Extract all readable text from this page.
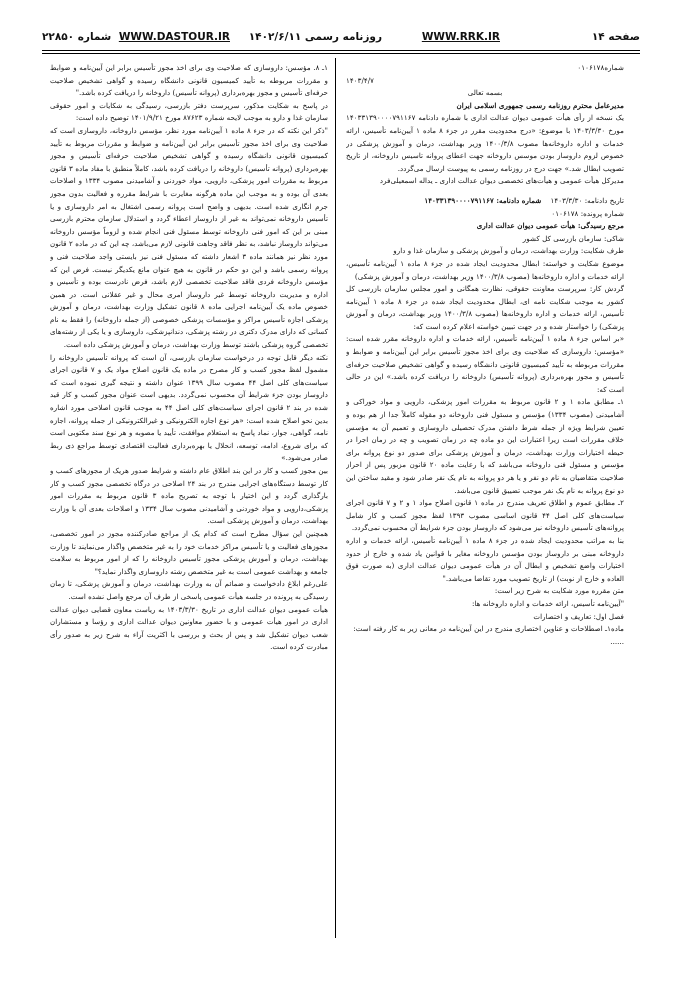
صفحه ۱۴
WWW.RRK.IR
روزنامه رسمی ۱۴۰۲/۶/۱۱
WWW.DASTOUR.IR
شماره ۲۲۸۵۰

شماره۰۱۰۶۱۷۸

۱۴۰۳/۴/۷

بسمه تعالی

مدیرعامل محترم روزنامه رسمی جمهوری اسلامی ایران

یک نسخه از رأی هیأت عمومی دیوان عدالت اداری با شماره دادنامه ۱۴۰۳۳۱۳۹۰۰۰۰۷۹۱۱۶۷ مورخ ۱۴۰۳/۳/۳۰ با موضوع: «درج محدودیت مقرر در جزء ۸ ماده ۱ آیین‌نامه تأسیس، ارائه خدمات و اداره داروخانه‌ها مصوب ۱۴۰۰/۳/۸ وزیر بهداشت، درمان و آموزش پزشکی در خصوص لزوم داروساز بودن موسس داروخانه جهت اعطای پروانه تاسیس داروخانه، از تاریخ تصویب ابطال شد.» جهت درج در روزنامه رسمی به پیوست ارسال می‌گردد.

مدیرکل هیأت عمومی و هیأت‌های تخصصی دیوان عدالت اداری ـ یداله اسمعیلی‌فرد

تاریخ دادنامه: ۱۴۰۳/۳/۳۰    شماره دادنامه: ۱۴۰۳۳۱۳۹۰۰۰۰۷۹۱۱۶۷

شماره پرونده: ۰۱۰۶۱۷۸

مرجع رسیدگی: هیأت عمومی دیوان عدالت اداری

شاکی: سازمان بازرسی کل کشور

طرف شکایت: وزارت بهداشت، درمان و آموزش پزشکی و سازمان غذا و دارو

موضوع شکایت و خواسته: ابطال محدودیت ایجاد شده در جزء ۸ ماده ۱ آیین‌نامه تأسیس، ارائه خدمات و اداره داروخانه‌ها (مصوب ۱۴۰۰/۳/۸ وزیر بهداشت، درمان و آموزش پزشکی)

گردش کار: سرپرست معاونت حقوقی، نظارت همگانی و امور مجلس سازمان بازرسی کل کشور به موجب شکایت نامه ای، ابطال محدودیت ایجاد شده در جزء ۸ ماده ۱ آیین‌نامه تأسیس، ارائه خدمات و اداره داروخانه‌ها (مصوب ۱۴۰۰/۳/۸ وزیر بهداشت، درمان و آموزش پزشکی) را خواستار شده و در جهت تبیین خواسته اعلام کرده است که:

«بر اساس جزء ۸ ماده ۱ آیین‌نامه تأسیس، ارائه خدمات و اداره داروخانه مقرر شده است: «مؤسس: داروسازی که صلاحیت وی برای اخذ مجوز تأسیس برابر این آیین‌نامه و ضوابط و مقررات مربوطه به تأیید کمیسیون قانونی دانشگاه رسیده و گواهی تشخیص صلاحیت حرفه‌ای تأسیس و مجوز بهره‌برداری (پروانه تأسیس) داروخانه را دریافت کرده باشد.» این در حالی است که:

۱ـ مطابق ماده ۱ و ۲ قانون مربوط به مقررات امور پزشکی، دارویی و مواد خوراکی و آشامیدنی (مصوب ۱۳۳۴) مؤسس و مسئول فنی داروخانه دو مقوله کاملاً جدا از هم بوده و تعیین شرایط ویژه از جمله شرط داشتن مدرک تحصیلی داروسازی و تعمیم آن به مؤسس خلاف مقررات است زیرا اعتبارات این دو ماده چه در زمان تصویب و چه در زمان اجرا در حیطه اختیارات وزارت بهداشت، درمان و آموزش پزشکی برای صدور دو نوع پروانه برای مؤسس و مسئول فنی داروخانه می‌باشد که با رعایت ماده ۲۰ قانون مزبور پس از احراز صلاحیت متقاضیان به نام دو نفر و یا هر دو پروانه به نام یک نفر صادر شود و مقید ساختن این دو نوع پروانه به نام یک نفر موجب تضییق قانون می‌باشد.

۲ـ مطابق عموم و اطلاق تعریف مندرج در ماده ۱ قانون اصلاح مواد ۱ و ۲ و ۷ قانون اجرای سیاست‌های کلی اصل ۴۴ قانون اساسی مصوب ۱۳۹۳ لفظ مجوز کسب و کار شامل پروانه‌های تأسیس داروخانه نیز می‌شود که داروساز بودن جزء شرایط آن محسوب نمی‌گردد.

بنا به مراتب محدودیت ایجاد شده در جزء ۸ ماده ۱ آیین‌نامه تأسیس، ارائه خدمات و اداره داروخانه مبنی بر داروساز بودن مؤسس داروخانه مغایر با قوانین یاد شده و خارج از حدود اختیارات واضع تشخیص و ابطال آن در هیأت عمومی دیوان عدالت اداری (به صورت فوق العاده و خارج از نوبت) از تاریخ تصویب مورد تقاضا می‌باشد."

متن مقرره مورد شکایت به شرح زیر است:

"آیین‌نامه تأسیس، ارائه خدمات و اداره داروخانه ها:

فصل اول: تعاریف و اختصارات

ماده۱ـ اصطلاحات و عناوین اختصاری مندرج در این آیین‌نامه در معانی زیر به کار رفته است:

......

۱ـ ۸. مؤسس: داروسازی که صلاحیت وی برای اخذ مجوز تأسیس برابر این آیین‌نامه و ضوابط و مقررات مربوطه به تأیید کمیسیون قانونی دانشگاه رسیده و گواهی تشخیص صلاحیت حرفه‌ای تأسیس و مجوز بهره‌برداری (پروانه تأسیس) داروخانه را دریافت کرده باشد."

در پاسخ به شکایت مذکور، سرپرست دفتر بازرسی، رسیدگی به شکایات و امور حقوقی سازمان غذا و دارو به موجب لایحه شماره ۸۷۶۲۳ مورخ ۱۴۰۱/۹/۲۱ توضیح داده است:

"ذکر این نکته که در جزء ۸ ماده ۱ آیین‌نامه مورد نظر، مؤسس داروخانه، داروسازی است که صلاحیت وی برای اخذ مجوز تأسیس برابر این آیین‌نامه و ضوابط و مقررات مربوط به تأیید کمیسیون قانونی دانشگاه رسیده و گواهی تشخیص صلاحیت حرفه‌ای تأسیس و مجوز بهره‌برداری (پروانه تأسیس) داروخانه را دریافت کرده باشد، کاملاً منطبق با مفاد ماده ۳ قانون مربوط به مقررات امور پزشکی، دارویی، مواد خوردنی و آشامیدنی مصوب ۱۳۳۴ و اصلاحات بعدی آن بوده و به موجب این ماده هرگونه مغایرت با شرایط مقرره و فعالیت بدون مجوز جرم انگاری شده است. بدیهی و واضح است پروانه رسمی اشتغال به امر داروسازی و یا تأسیس داروخانه نمی‌تواند به غیر از داروساز اعطاء گردد و استدلال سازمان محترم بازرسی مبنی بر این که امور فنی داروخانه توسط مسئول فنی انجام شده و لزوماً مؤسس داروخانه می‌تواند داروساز نباشد، به نظر فاقد وجاهت قانونی لازم می‌باشد، چه این که در ماده ۲ قانون مورد نظر نیز همانند ماده ۳ اشعار داشته که مسئول فنی نیز بایستی واجد صلاحیت فنی و پروانه رسمی باشد و این دو حکم در قانون به هیچ عنوان مانع یکدیگر نیست. فرض این که مؤسس داروخانه فردی فاقد صلاحیت تخصصی لازم باشد، فرض نادرست بوده و تأسیس و اداره و مدیریت داروخانه توسط غیر داروساز امری محال و غیر عقلانی است. در همین خصوص ماده یک آیین‌نامه اجرایی ماده ۸ قانون تشکیل وزارت بهداشت، درمان و آموزش پزشکی اجازه تأسیس مراکز و مؤسسات پزشکی خصوصی (از جمله داروخانه) را فقط به نام کسانی که دارای مدرک دکتری در رشته پزشکی، دندانپزشکی، داروسازی و یا یکی از رشته‌های تخصصی گروه پزشکی باشند توسط وزارت بهداشت، درمان و آموزش پزشکی داده است.

نکته دیگر قابل توجه در درخواست سازمان بازرسی، آن است که پروانه تأسیس داروخانه را مشمول لفظ مجوز کسب و کار مصرح در ماده یک قانون اصلاح مواد یک و ۷ قانون اجرای سیاست‌های کلی اصل ۴۴ مصوب سال ۱۳۹۹ عنوان داشته و نتیجه گیری نموده است که داروساز بودن جزء شرایط آن محسوب نمی‌گردد. بدیهی است عنوان مجوز کسب و کار قید شده در بند ۲ قانون اجرای سیاست‌های کلی اصل ۴۴ به موجب قانون اصلاحی مورد اشاره بدین نحو اصلاح شده است: «هر نوع اجازه الکترونیکی و غیرالکترونیکی از جمله پروانه، اجازه نامه، گواهی، جواز، نماد پاسخ به استعلام موافقت، تأیید یا مصوبه و هر نوع سند مکتوبی است که برای شروع، ادامه، توسعه، انحلال یا بهره‌برداری فعالیت اقتصادی توسط مراجع ذی ربط صادر می‌شود.»

بین مجوز کسب و کار در این بند اطلاق عام داشته و شرایط صدور هریک از مجوزهای کسب و کار توسط دستگاه‌های اجرایی مندرج در بند ۲۴ اصلاحی در درگاه تخصصی مجوز کسب و کار بارگذاری گردد و این اختیار با توجه به تصریح ماده ۳ قانون مربوط به مقررات امور پزشکی،دارویی و مواد خوردنی و آشامیدنی مصوب سال ۱۳۳۴ و اصلاحات بعدی آن با وزارت بهداشت، درمان و آموزش پزشکی است.

همچنین این سؤال مطرح است که کدام یک از مراجع صادرکننده مجوز در امور تخصصی، مجوزهای فعالیت و یا تأسیس مراکز خدمات خود را به غیر متخصص واگذار می‌نمایند تا وزارت بهداشت، درمان و آموزش پزشکی مجوز تأسیس داروخانه را که از امور مربوط به سلامت جامعه و بهداشت عمومی است به غیر متخصص رشته داروسازی واگذار نماید؟"

علی‌رغم ابلاغ دادخواست و ضمائم آن به وزارت بهداشت، درمان و آموزش پزشکی، تا زمان رسیدگی به پرونده در جلسه هیأت عمومی پاسخی از طرف آن مرجع واصل نشده است.

هیأت عمومی دیوان عدالت اداری در تاریخ ۱۴۰۳/۳/۳۰ به ریاست معاون قضایی دیوان عدالت اداری در امور هیأت عمومی و با حضور معاونین دیوان عدالت اداری و رؤسا و مستشاران شعب دیوان تشکیل شد و پس از بحث و بررسی با اکثریت آراء به شرح زیر به صدور رأی مبادرت کرده است.
